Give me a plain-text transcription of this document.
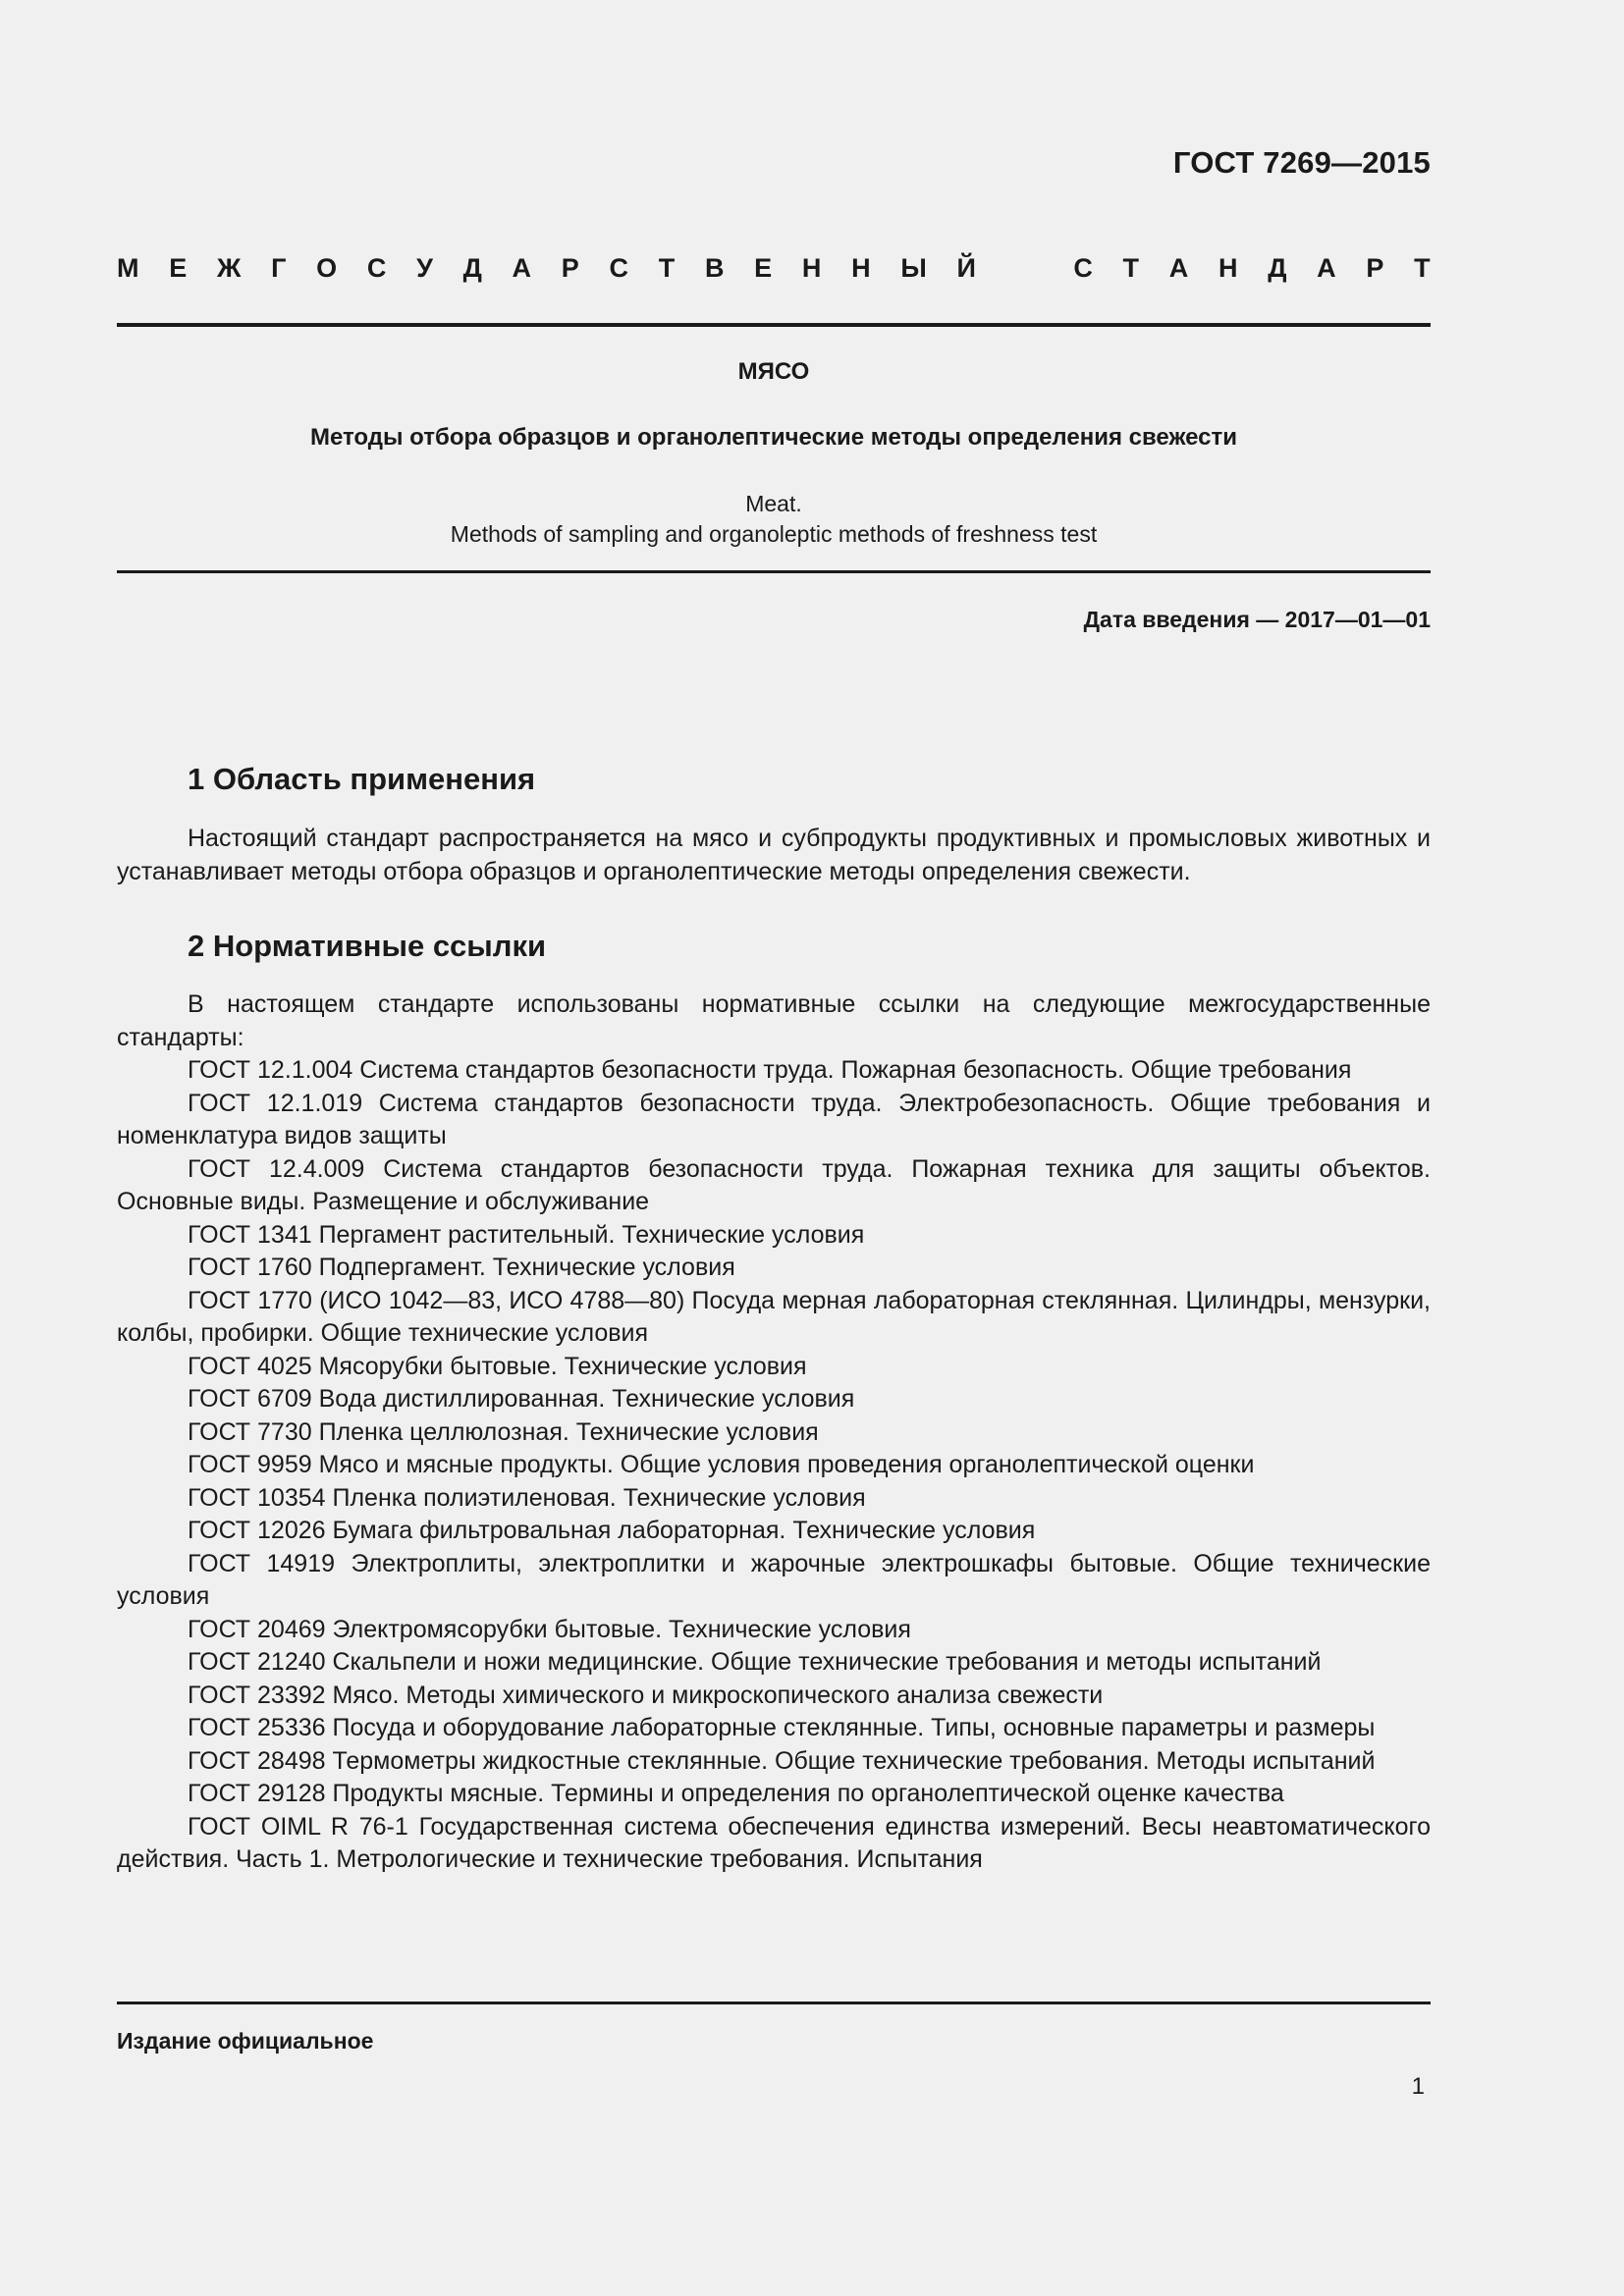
ГОСТ 7269—2015
М Е Ж Г О С У Д А Р С Т В Е Н Н Ы Й	С Т А Н Д А Р Т
МЯСО
Методы отбора образцов и органолептические методы определения свежести
Meat.
Methods of sampling and organoleptic methods of freshness test
Дата введения — 2017—01—01
1 Область применения
Настоящий стандарт распространяется на мясо и субпродукты продуктивных и промысловых животных и устанавливает методы отбора образцов и органолептические методы определения свежести.
2 Нормативные ссылки

В настоящем стандарте использованы нормативные ссылки на следующие межгосударственные стандарты:

ГОСТ 12.1.004 Система стандартов безопасности труда. Пожарная безопасность. Общие требования

ГОСТ 12.1.019 Система стандартов безопасности труда. Электробезопасность. Общие требования и номенклатура видов защиты

ГОСТ 12.4.009 Система стандартов безопасности труда. Пожарная техника для защиты объектов. Основные виды. Размещение и обслуживание

ГОСТ 1341 Пергамент растительный. Технические условия

ГОСТ 1760 Подпергамент. Технические условия

ГОСТ 1770 (ИСО 1042—83, ИСО 4788—80) Посуда мерная лабораторная стеклянная. Цилиндры, мензурки, колбы, пробирки. Общие технические условия

ГОСТ 4025 Мясорубки бытовые. Технические условия

ГОСТ 6709 Вода дистиллированная. Технические условия

ГОСТ 7730 Пленка целлюлозная. Технические условия

ГОСТ 9959 Мясо и мясные продукты. Общие условия проведения органолептической оценки

ГОСТ 10354 Пленка полиэтиленовая. Технические условия

ГОСТ 12026 Бумага фильтровальная лабораторная. Технические условия

ГОСТ 14919 Электроплиты, электроплитки и жарочные электрошкафы бытовые. Общие технические условия

ГОСТ 20469 Электромясорубки бытовые. Технические условия

ГОСТ 21240 Скальпели и ножи медицинские. Общие технические требования и методы испытаний

ГОСТ 23392 Мясо. Методы химического и микроскопического анализа свежести

ГОСТ 25336 Посуда и оборудование лабораторные стеклянные. Типы, основные параметры и размеры

ГОСТ 28498 Термометры жидкостные стеклянные. Общие технические требования. Методы испытаний

ГОСТ 29128 Продукты мясные. Термины и определения по органолептической оценке качества

ГОСТ OIML R 76-1 Государственная система обеспечения единства измерений. Весы неавтоматического действия. Часть 1. Метрологические и технические требования. Испытания

Издание официальное
1
